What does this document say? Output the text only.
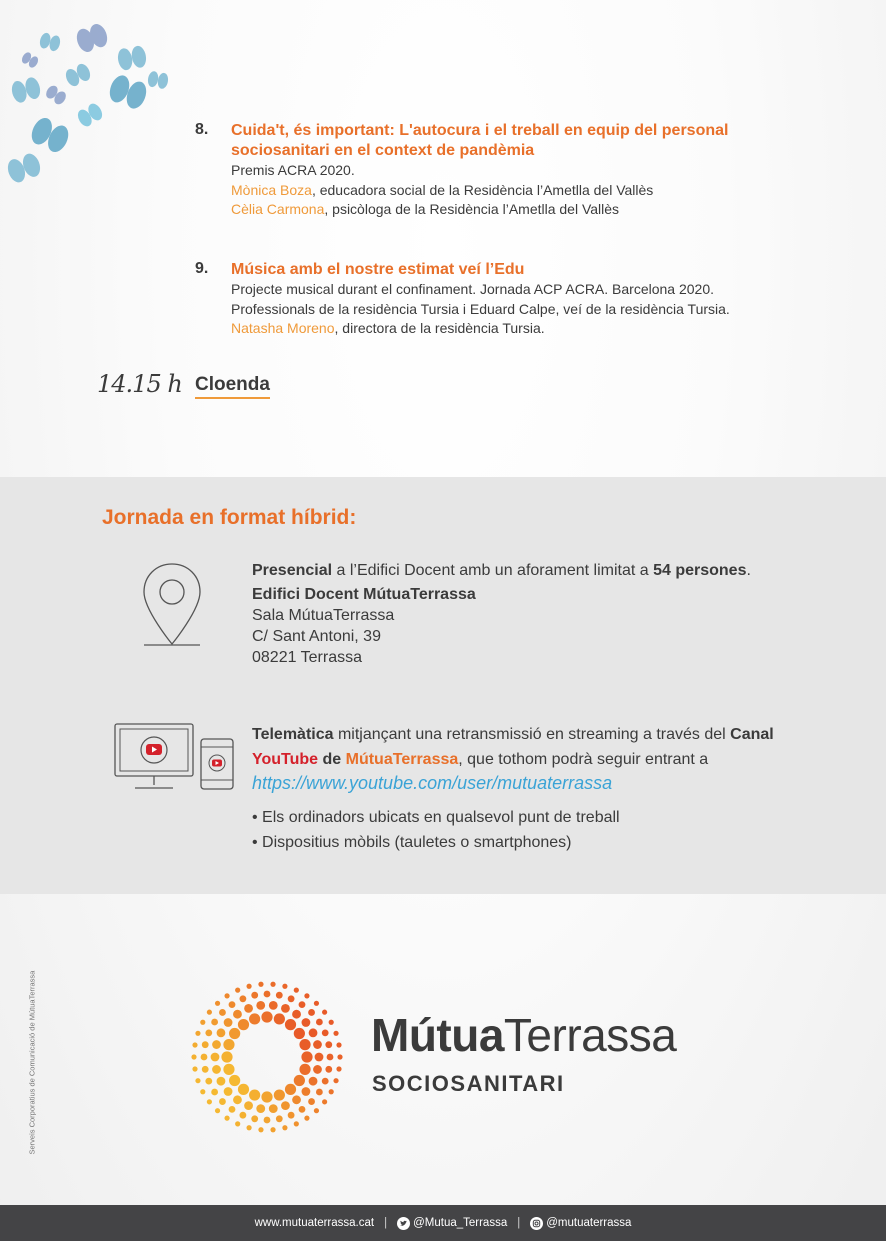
8. Cuida't, és important: L'autocura i el treball en equip del personal
sociosanitari en el context de pandèmia
Premis ACRA 2020.
Mònica Boza, educadora social de la Residència l’Ametlla del Vallès
Cèlia Carmona, psicòloga de la Residència l’Ametlla del Vallès
9. Música amb el nostre estimat veí l’Edu
Projecte musical durant el confinament. Jornada ACP ACRA. Barcelona 2020.
Professionals de la residència Tursia i Eduard Calpe, veí de la residència Tursia.
Natasha Moreno, directora de la residència Tursia.
14.15 h Cloenda
Jornada en format híbrid:
Presencial a l’Edifici Docent amb un aforament limitat a 54 persones.
Edifici Docent MútuaTerrassa
Sala MútuaTerrassa
C/ Sant Antoni, 39
08221 Terrassa
Telemàtica mitjançant una retransmissió en streaming a través del Canal
YouTube de MútuaTerrassa, que tothom podrà seguir entrant a
https://www.youtube.com/user/mutuaterrassa
• Els ordinadors ubicats en qualsevol punt de treball
• Dispositius mòbils (tauletes o smartphones)
Serveis Corporatius de Comunicació de MútuaTerrassa	MútuaTerrassa
SOCIOSANITARI
www.mutuaterrassa.cat | @Mutua_Terrassa | @mutuaterrassa
